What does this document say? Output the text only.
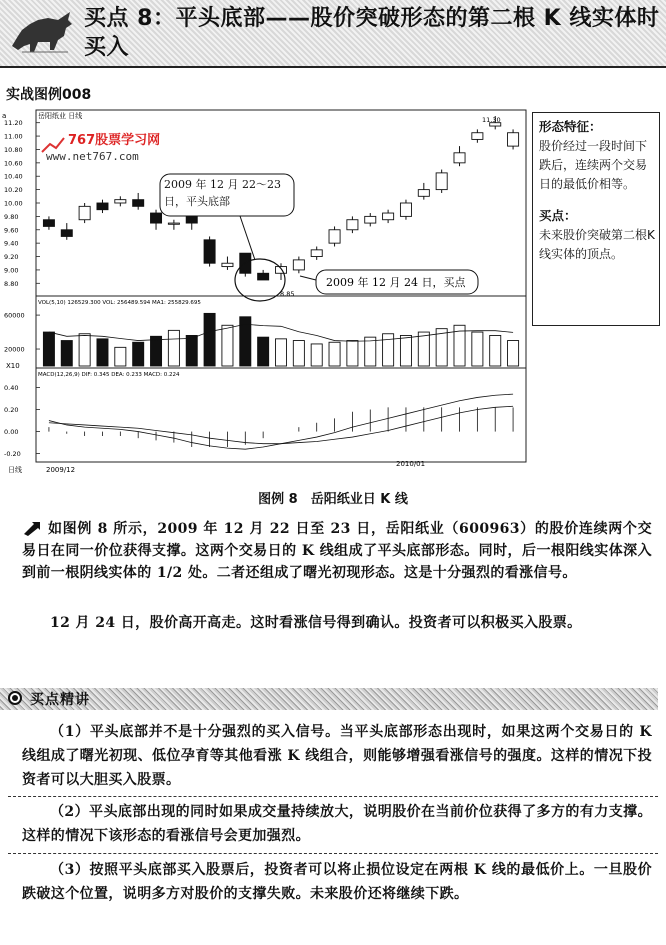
买点 8：平头底部——股价突破形态的第二根 K 线实体时买入
实战图例008
a	岳阳纸业 日线
767股票学习网
www.net767.com
11.20
11.00
10.80
10.60
10.40
10.20
10.00
9.80
9.60
9.40
9.20
9.00
8.80
11.30
8.85
2009 年 12 月 22～23 日，平头底部
2009 年 12 月 24 日，买点
VOL(5,10) 126529.300 VOL: 256489.594 MA1: 255829.695
60000
20000
X10
MACD(12,26,9) DIF: 0.345 DEA: 0.233 MACD: 0.224
0.40
0.20
0.00
-0.20
日线	2009/12
2010/01
形态特征：
股价经过一段时间下跌后，连续两个交易日的最低价相等。
买点：
未来股价突破第二根K线实体的顶点。
图例 8　岳阳纸业日 K 线
如图例 8 所示，2009 年 12 月 22 日至 23 日，岳阳纸业（600963）的股价连续两个交易日在同一价位获得支撑。这两个交易日的 K 线组成了平头底部形态。同时，后一根阳线实体深入到前一根阴线实体的 1/2 处。二者还组成了曙光初现形态。这是十分强烈的看涨信号。
12 月 24 日，股价高开高走。这时看涨信号得到确认。投资者可以积极买入股票。
买点精讲
（1）平头底部并不是十分强烈的买入信号。当平头底部形态出现时，如果这两个交易日的 K 线组成了曙光初现、低位孕育等其他看涨 K 线组合，则能够增强看涨信号的强度。这样的情况下投资者可以大胆买入股票。
（2）平头底部出现的同时如果成交量持续放大，说明股价在当前价位获得了多方的有力支撑。这样的情况下该形态的看涨信号会更加强烈。
（3）按照平头底部买入股票后，投资者可以将止损位设定在两根 K 线的最低价上。一旦股价跌破这个位置，说明多方对股价的支撑失败。未来股价还将继续下跌。
